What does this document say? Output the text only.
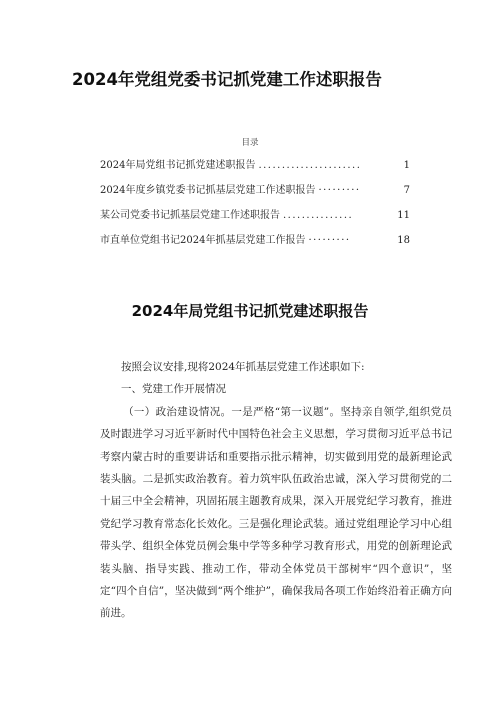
2024年党组党委书记抓党建工作述职报告
目录
2024年局党组书记抓党建述职报告 ......................	1
2024年度乡镇党委书记抓基层党建工作述职报告 ·········	7
某公司党委书记抓基层党建工作述职报告 ...............	11
市直单位党组书记2024年抓基层党建工作报告 ·········	18
2024年局党组书记抓党建述职报告

按照会议安排,现将2024年抓基层党建工作述职如下:

一、党建工作开展情况

（一）政治建设情况。一是严格“第一议题”。坚持亲自领学,组织党员及时跟进学习习近平新时代中国特色社会主义思想，学习贯彻习近平总书记考察内蒙古时的重要讲话和重要指示批示精神，切实做到用党的最新理论武装头脑。二是抓实政治教育。着力筑牢队伍政治忠诚，深入学习贯彻党的二十届三中全会精神，巩固拓展主题教育成果，深入开展党纪学习教育，推进党纪学习教育常态化长效化。三是强化理论武装。通过党组理论学习中心组带头学、组织全体党员例会集中学等多种学习教育形式，用党的创新理论武装头脑、指导实践、推动工作，带动全体党员干部树牢“四个意识”，坚定“四个自信”，坚决做到“两个维护”，确保我局各项工作始终沿着正确方向前进。
